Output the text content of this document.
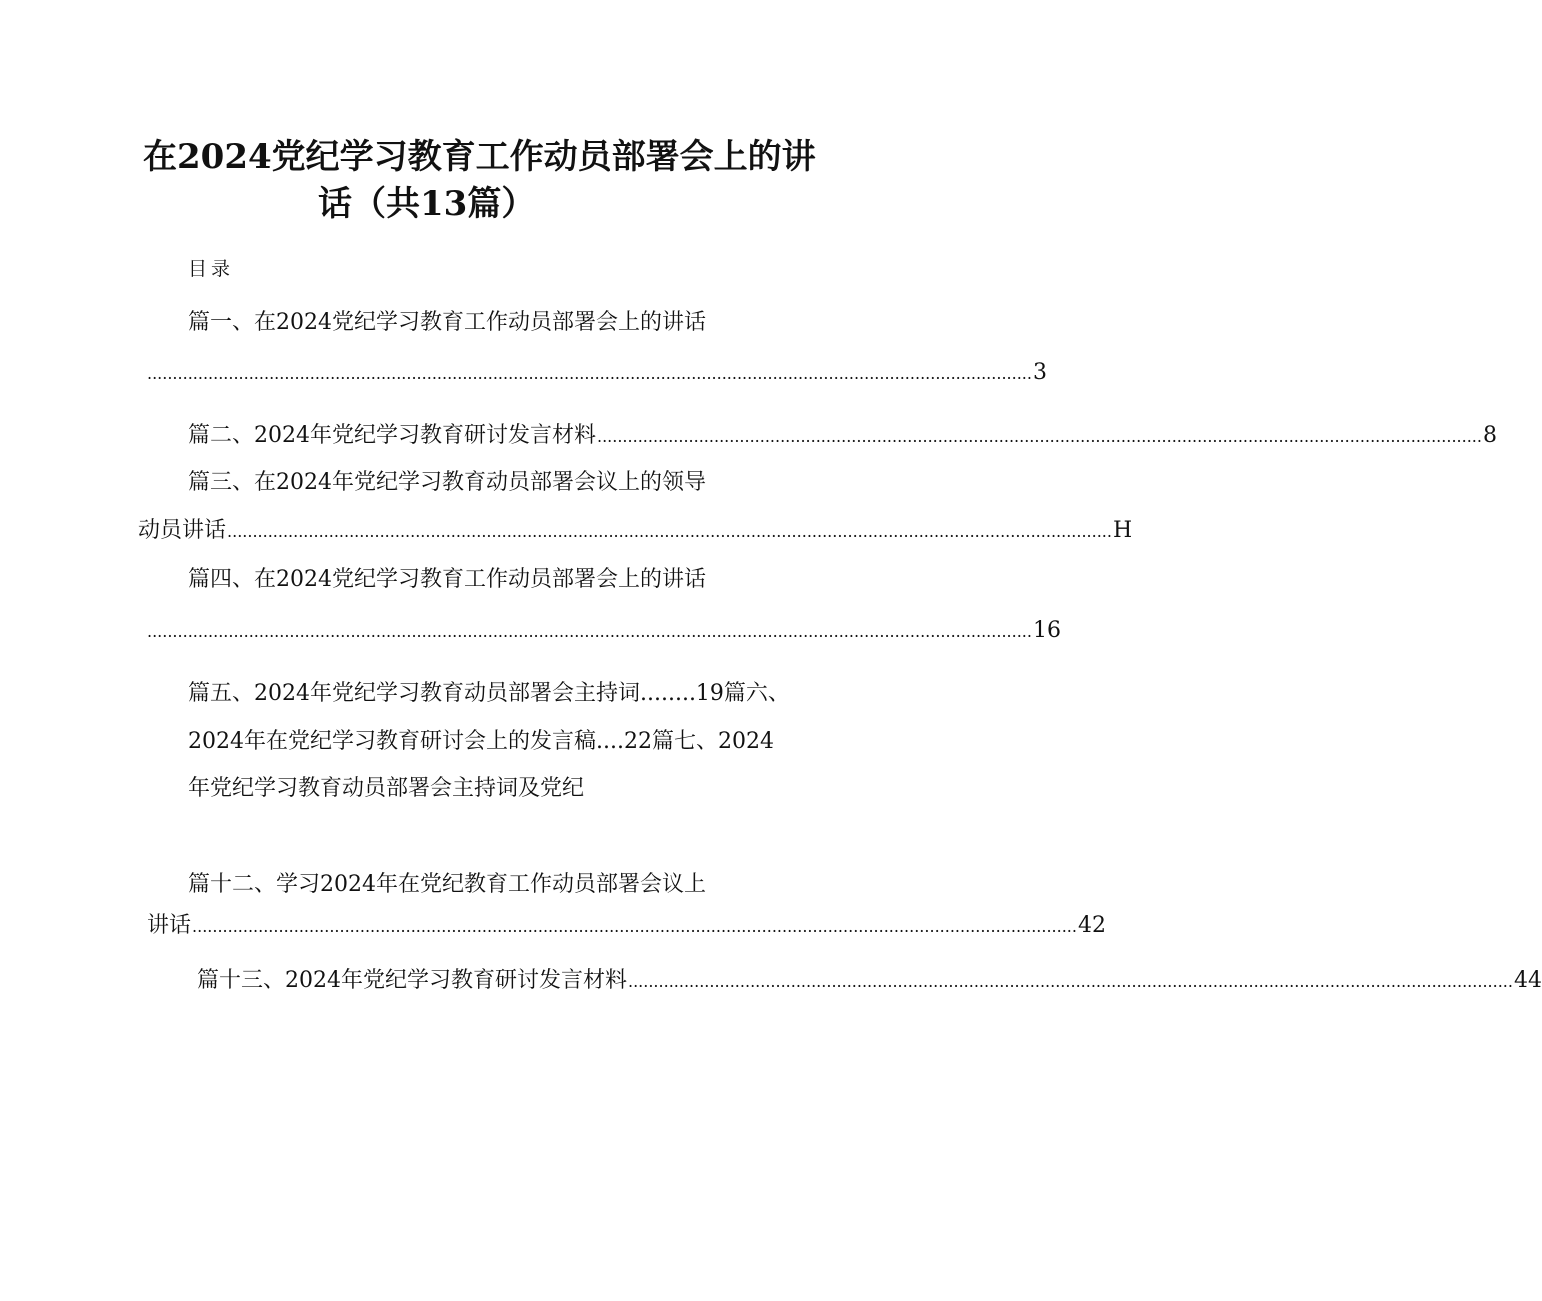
在2024党纪学习教育工作动员部署会上的讲
话（共13篇）
目录
篇一、在2024党纪学习教育工作动员部署会上的讲话
.............................................................................................................................................................................. 3
篇二、2024年党纪学习教育研讨发言材料 .............................................................................................................................................................................. 8
篇三、在2024年党纪学习教育动员部署会议上的领导
动员讲话 .............................................................................................................................................................................. H
篇四、在2024党纪学习教育工作动员部署会上的讲话
.............................................................................................................................................................................. 16
篇五、2024年党纪学习教育动员部署会主持词........19篇六、
2024年在党纪学习教育研讨会上的发言稿....22篇七、2024
年党纪学习教育动员部署会主持词及党纪
篇十二、学习2024年在党纪教育工作动员部署会议上
讲话 .............................................................................................................................................................................. 42
篇十三、2024年党纪学习教育研讨发言材料 .............................................................................................................................................................................. 44
